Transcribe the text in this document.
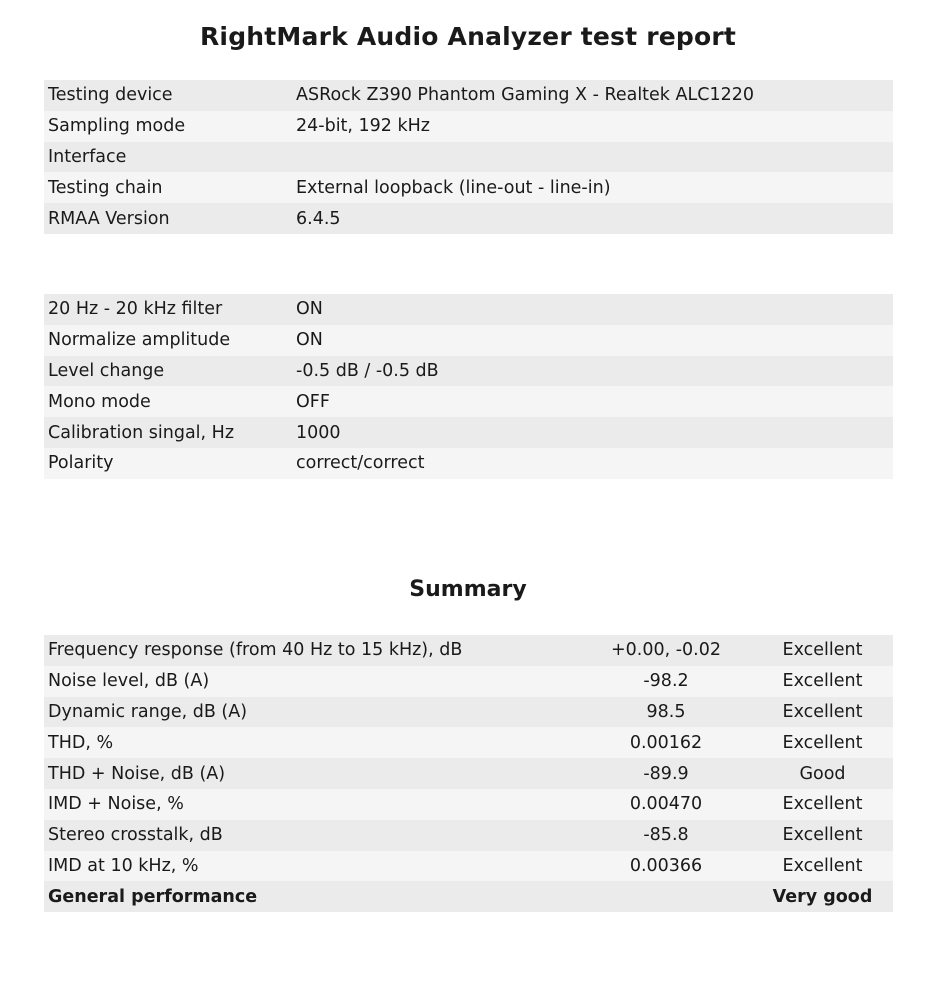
RightMark Audio Analyzer test report
Testing device	ASRock Z390 Phantom Gaming X - Realtek ALC1220
Sampling mode	24-bit, 192 kHz
Interface	
Testing chain	External loopback (line-out - line-in)
RMAA Version	6.4.5
20 Hz - 20 kHz filter	ON
Normalize amplitude	ON
Level change	-0.5 dB / -0.5 dB
Mono mode	OFF
Calibration singal, Hz	1000
Polarity	correct/correct
Summary
Frequency response (from 40 Hz to 15 kHz), dB	+0.00, -0.02	Excellent
Noise level, dB (A)	-98.2	Excellent
Dynamic range, dB (A)	98.5	Excellent
THD, %	0.00162	Excellent
THD + Noise, dB (A)	-89.9	Good
IMD + Noise, %	0.00470	Excellent
Stereo crosstalk, dB	-85.8	Excellent
IMD at 10 kHz, %	0.00366	Excellent
General performance		Very good
